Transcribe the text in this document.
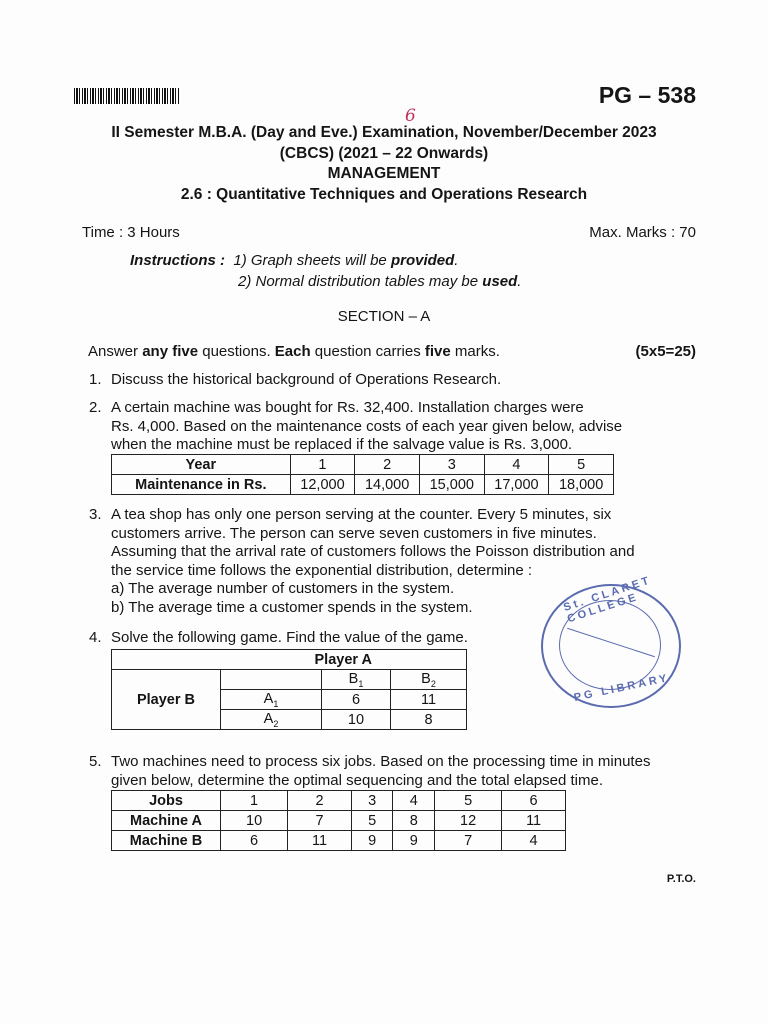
PG – 538
6
II Semester M.B.A. (Day and Eve.) Examination, November/December 2023
(CBCS) (2021 – 22 Onwards)
MANAGEMENT
2.6 : Quantitative Techniques and Operations Research
Time : 3 Hours	Max. Marks : 70
Instructions : 1) Graph sheets will be provided.
2) Normal distribution tables may be used.
SECTION – A
Answer any five questions. Each question carries five marks.	(5x5=25)
1. Discuss the historical background of Operations Research.
2. A certain machine was bought for Rs. 32,400. Installation charges were
Rs. 4,000. Based on the maintenance costs of each year given below, advise
when the machine must be replaced if the salvage value is Rs. 3,000.
Year	1	2	3	4	5
Maintenance in Rs.	12,000	14,000	15,000	17,000	18,000
3. A tea shop has only one person serving at the counter. Every 5 minutes, six
customers arrive. The person can serve seven customers in five minutes.
Assuming that the arrival rate of customers follows the Poisson distribution and
the service time follows the exponential distribution, determine :
a) The average number of customers in the system.
b) The average time a customer spends in the system.
4. Solve the following game. Find the value of the game.
	Player A		
Player B		$B_1$	$B_2$
	$A_1$	6	11
	$A_2$	10	8
St. CLARET COLLEGE
PG LIBRARY
5. Two machines need to process six jobs. Based on the processing time in minutes
given below, determine the optimal sequencing and the total elapsed time.
Jobs	1	2	3	4	5	6
Machine A	10	7	5	8	12	11
Machine B	6	11	9	9	7	4
P.T.O.
